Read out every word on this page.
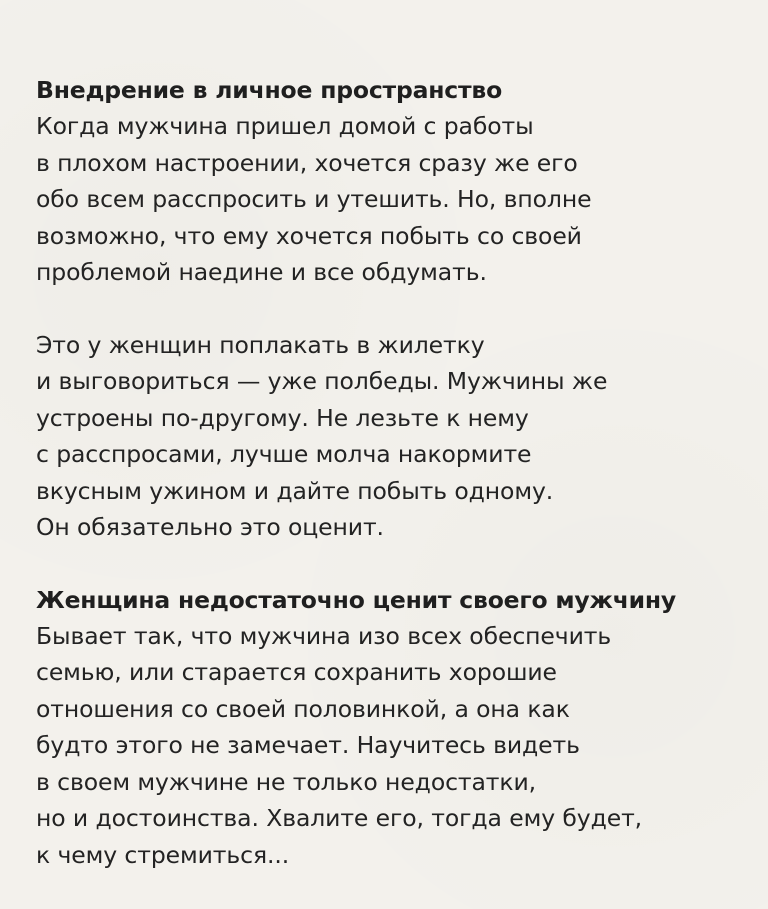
Внедрение в личное пространство

Когда мужчина пришел домой с работы
в плохом настроении, хочется сразу же его
обо всем расспросить и утешить. Но, вполне
возможно, что ему хочется побыть со своей
проблемой наедине и все обдумать.

Это у женщин поплакать в жилетку
и выговориться — уже полбеды. Мужчины же
устроены по-другому. Не лезьте к нему
с расспросами, лучше молча накормите
вкусным ужином и дайте побыть одному.
Он обязательно это оценит.

Женщина недостаточно ценит своего мужчину

Бывает так, что мужчина изо всех обеспечить
семью, или старается сохранить хорошие
отношения со своей половинкой, а она как
будто этого не замечает. Научитесь видеть
в своем мужчине не только недостатки,
но и достоинства. Хвалите его, тогда ему будет,
к чему стремиться...
